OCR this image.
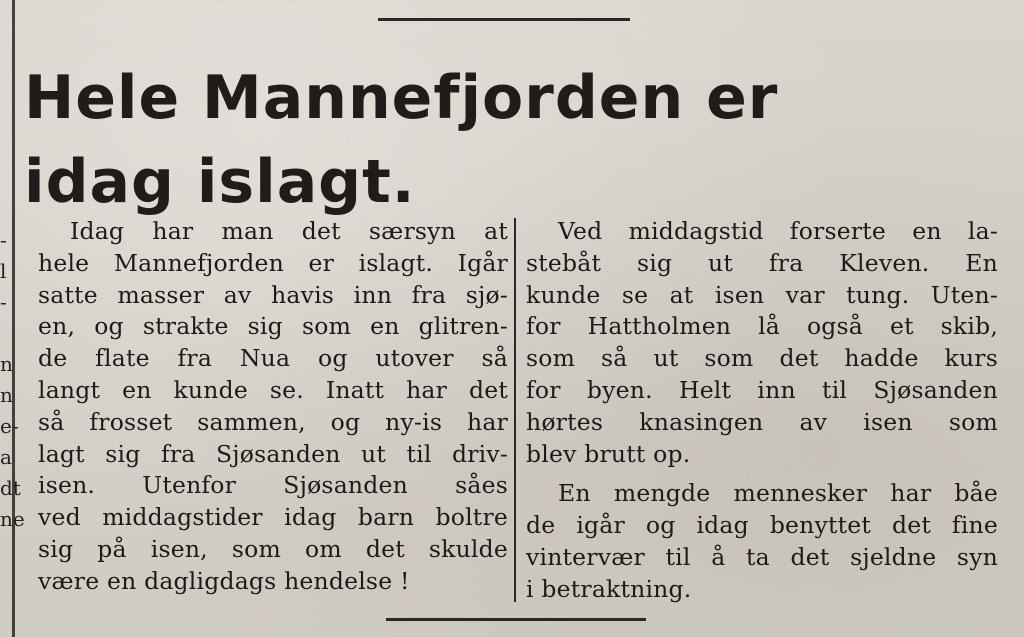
-
l
-
n
n
e-
a
dt
ne
Hele Mannefjorden er
idag islagt.
Idag har man det særsyn at
hele Mannefjorden er islagt. Igår
satte masser av havis inn fra sjø-
en, og strakte sig som en glitren-
de flate fra Nua og utover så
langt en kunde se. Inatt har det
så frosset sammen, og ny-is har
lagt sig fra Sjøsanden ut til driv-
isen. Utenfor Sjøsanden såes
ved middagstider idag barn boltre
sig på isen, som om det skulde
være en dagligdags hendelse !
Ved middagstid forserte en la-
stebåt sig ut fra Kleven. En
kunde se at isen var tung. Uten-
for Hattholmen lå også et skib,
som så ut som det hadde kurs
for byen. Helt inn til Sjøsanden
hørtes knasingen av isen som
blev brutt op.
En mengde mennesker har båe
de igår og idag benyttet det fine
vintervær til å ta det sjeldne syn
i betraktning.
